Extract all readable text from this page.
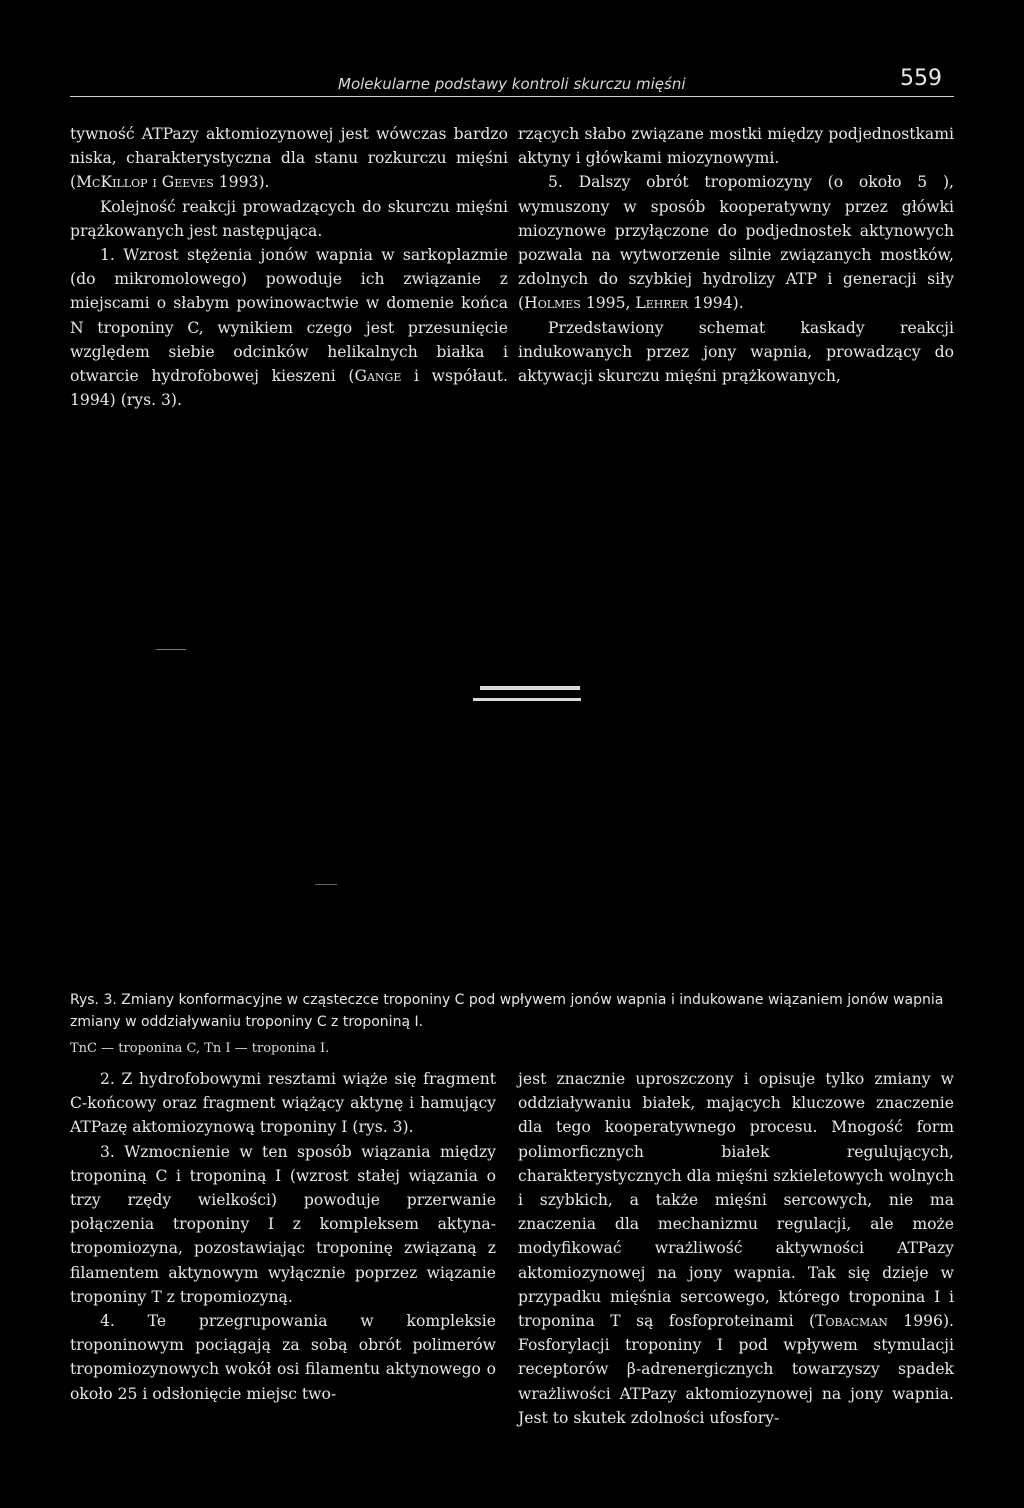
Molekularne podstawy kontroli skurczu mięśni	559

tywność ATPazy aktomiozynowej jest wówczas bardzo niska, charakterystyczna dla stanu rozkurczu mięśni (McKillop i Geeves 1993).

Kolejność reakcji prowadzących do skurczu mięśni prążkowanych jest następująca.

1. Wzrost stężenia jonów wapnia w sarkoplazmie (do mikromolowego) powoduje ich związanie z miejscami o słabym powinowactwie w domenie końca N troponiny C, wynikiem czego jest przesunięcie względem siebie odcinków helikalnych białka i otwarcie hydrofobowej kieszeni (Gange i współaut. 1994) (rys. 3).

rzących słabo związane mostki między podjednostkami aktyny i główkami miozynowymi.

5. Dalszy obrót tropomiozyny (o około 5 ), wymuszony w sposób kooperatywny przez główki miozynowe przyłączone do podjednostek aktynowych pozwala na wytworzenie silnie związanych mostków, zdolnych do szybkiej hydrolizy ATP i generacji siły (Holmes 1995, Lehrer 1994).

Przedstawiony schemat kaskady reakcji indukowanych przez jony wapnia, prowadzący do aktywacji skurczu mięśni prążkowanych,

Rys. 3. Zmiany konformacyjne w cząsteczce troponiny C pod wpływem jonów wapnia i indukowane wiązaniem jonów wapnia zmiany w oddziaływaniu troponiny C z troponiną I.
TnC — troponina C, Tn I — troponina I.

2. Z hydrofobowymi resztami wiąże się fragment C-końcowy oraz fragment wiążący aktynę i hamujący ATPazę aktomiozynową troponiny I (rys. 3).

3. Wzmocnienie w ten sposób wiązania między troponiną C i troponiną I (wzrost stałej wiązania o trzy rzędy wielkości) powoduje przerwanie połączenia troponiny I z kompleksem aktyna-tropomiozyna, pozostawiając troponinę związaną z filamentem aktynowym wyłącznie poprzez wiązanie troponiny T z tropomiozyną.

4. Te przegrupowania w kompleksie troponinowym pociągają za sobą obrót polimerów tropomiozynowych wokół osi filamentu aktynowego o około 25 i odsłonięcie miejsc two-

jest znacznie uproszczony i opisuje tylko zmiany w oddziaływaniu białek, mających kluczowe znaczenie dla tego kooperatywnego procesu. Mnogość form polimorficznych białek regulujących, charakterystycznych dla mięśni szkieletowych wolnych i szybkich, a także mięśni sercowych, nie ma znaczenia dla mechanizmu regulacji, ale może modyfikować wrażliwość aktywności ATPazy aktomiozynowej na jony wapnia. Tak się dzieje w przypadku mięśnia sercowego, którego troponina I i troponina T są fosfoproteinami (Tobacman 1996). Fosforylacji troponiny I pod wpływem stymulacji receptorów β-adrenergicznych towarzyszy spadek wrażliwości ATPazy aktomiozynowej na jony wapnia. Jest to skutek zdolności ufosfory-
